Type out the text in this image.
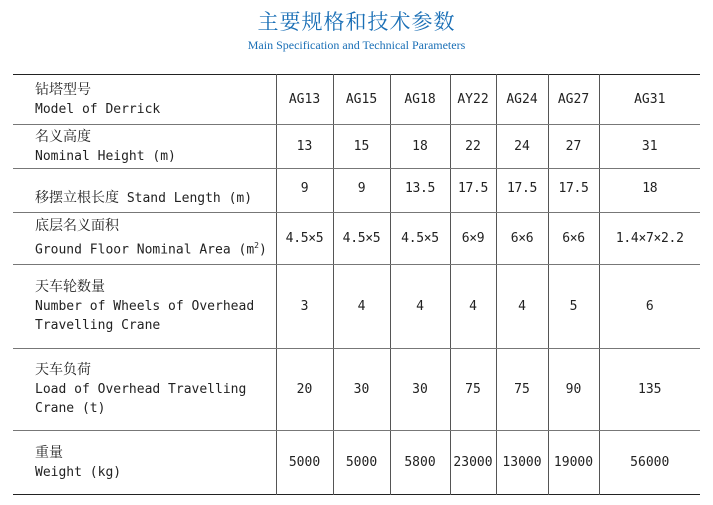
主要规格和技术参数
Main Specification and Technical Parameters
钻塔型号
Model of Derrick	AG13	AG15	AG18	AY22	AG24	AG27	AG31

名义高度
Nominal Height (m)	13	15	18	22	24	27	31
移摆立根长度 Stand Length (m)	9	9	13.5	17.5	17.5	17.5	18

底层名义面积
Ground Floor Nominal Area $(m^2)$	4.5×5	4.5×5	4.5×5	6×9	6×6	6×6	1.4×7×2.2

天车轮数量
Number of Wheels of Overhead Travelling Crane	3	4	4	4	4	5	6

天车负荷
Load of Overhead Travelling Crane (t)	20	30	30	75	75	90	135

重量
Weight (kg)	5000	5000	5800	23000	13000	19000	56000
